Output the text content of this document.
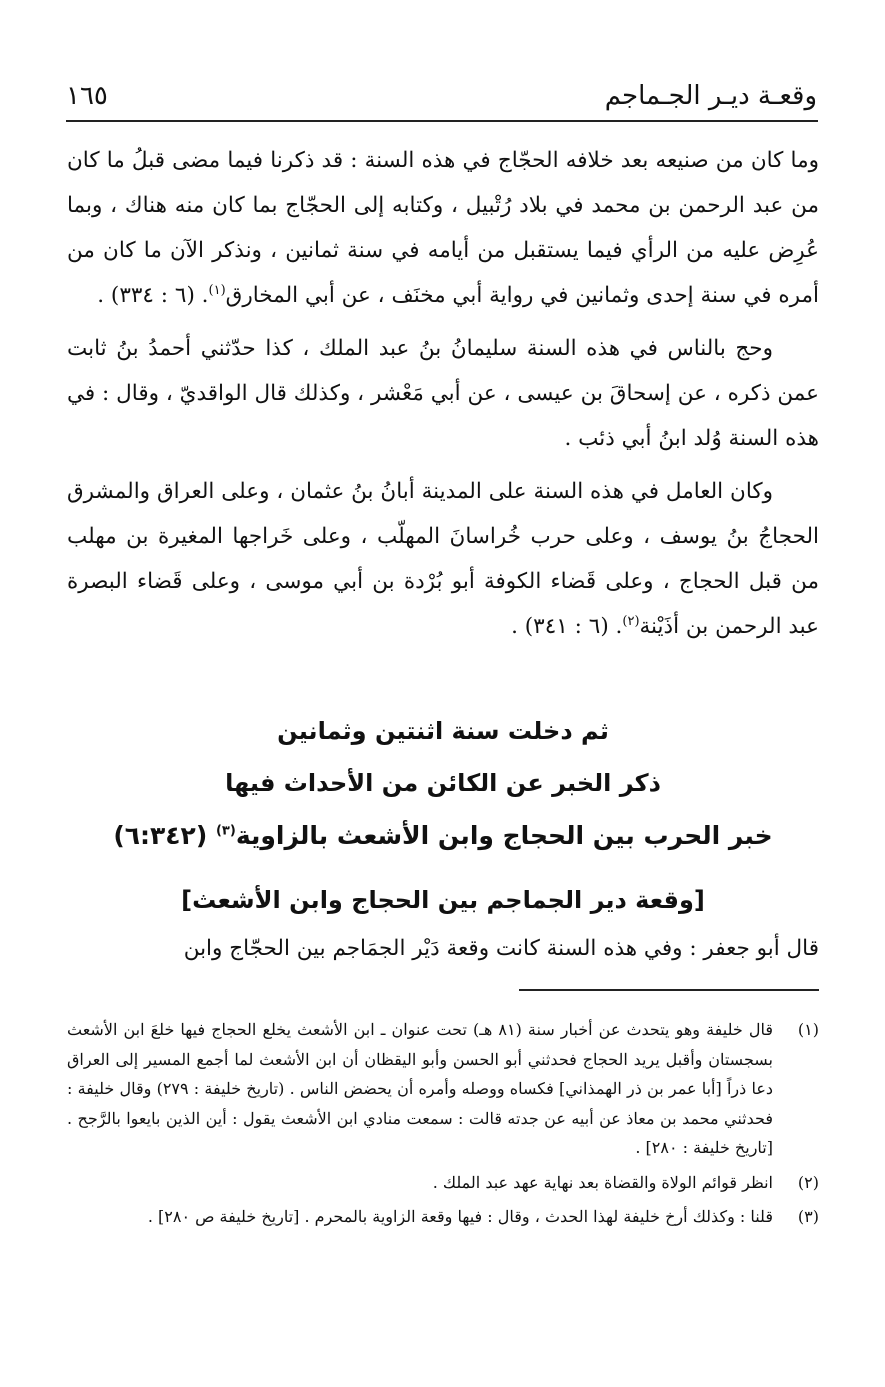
وقعـة ديـر الجـماجم
١٦٥

وما كان من صنيعه بعد خلافه الحجّاج في هذه السنة : قد ذكرنا فيما مضى قبلُ ما كان من عبد الرحمن بن محمد في بلاد رُتْبيل ، وكتابه إلى الحجّاج بما كان منه هناك ، وبما عُرِض عليه من الرأي فيما يستقبل من أيامه في سنة ثمانين ، ونذكر الآن ما كان من أمره في سنة إحدى وثمانين في رواية أبي مخنَف ، عن أبي المخارق$^{(١)}$. (٦ : ٣٣٤) .

وحج بالناس في هذه السنة سليمانُ بنُ عبد الملك ، كذا حدّثني أحمدُ بنُ ثابت عمن ذكره ، عن إسحاقَ بن عيسى ، عن أبي مَعْشر ، وكذلك قال الواقديّ ، وقال : في هذه السنة وُلد ابنُ أبي ذئب .

وكان العامل في هذه السنة على المدينة أبانُ بنُ عثمان ، وعلى العراق والمشرق الحجاجُ بنُ يوسف ، وعلى حرب خُراسانَ المهلّب ، وعلى خَراجها المغيرة بن مهلب من قبل الحجاج ، وعلى قَضاء الكوفة أبو بُرْدة بن أبي موسى ، وعلى قَضاء البصرة عبد الرحمن بن أذَيْنة$^{(٢)}$. (٦ : ٣٤١) .

ثم دخلت سنة اثنتين وثمانين

ذكر الخبر عن الكائن من الأحداث فيها

خبر الحرب بين الحجاج وابن الأشعث بالزاوية$^{(٣)}$ (٦:٣٤٢)

[وقعة دير الجماجم بين الحجاج وابن الأشعث]
قال أبو جعفر : وفي هذه السنة كانت وقعة دَيْر الجمَاجم بين الحجّاج وابن
(١)
قال خليفة وهو يتحدث عن أخبار سنة (٨١ هـ) تحت عنوان ـ ابن الأشعث يخلع الحجاج فيها خلعَ ابن الأشعث بسجستان وأقبل يريد الحجاج فحدثني أبو الحسن وأبو اليقظان أن ابن الأشعث لما أجمع المسير إلى العراق دعا ذراً [أبا عمر بن ذر الهمذاني] فكساه ووصله وأمره أن يحضض الناس . (تاريخ خليفة : ٢٧٩) وقال خليفة : فحدثني محمد بن معاذ عن أبيه عن جدته قالت : سمعت منادي ابن الأشعث يقول : أين الذين بايعوا بالرَّجح . [تاريخ خليفة : ٢٨٠] .
(٢)
انظر قوائم الولاة والقضاة بعد نهاية عهد عبد الملك .
(٣)
قلنا : وكذلك أرخ خليفة لهذا الحدث ، وقال : فيها وقعة الزاوية بالمحرم . [تاريخ خليفة ص ٢٨٠] .
